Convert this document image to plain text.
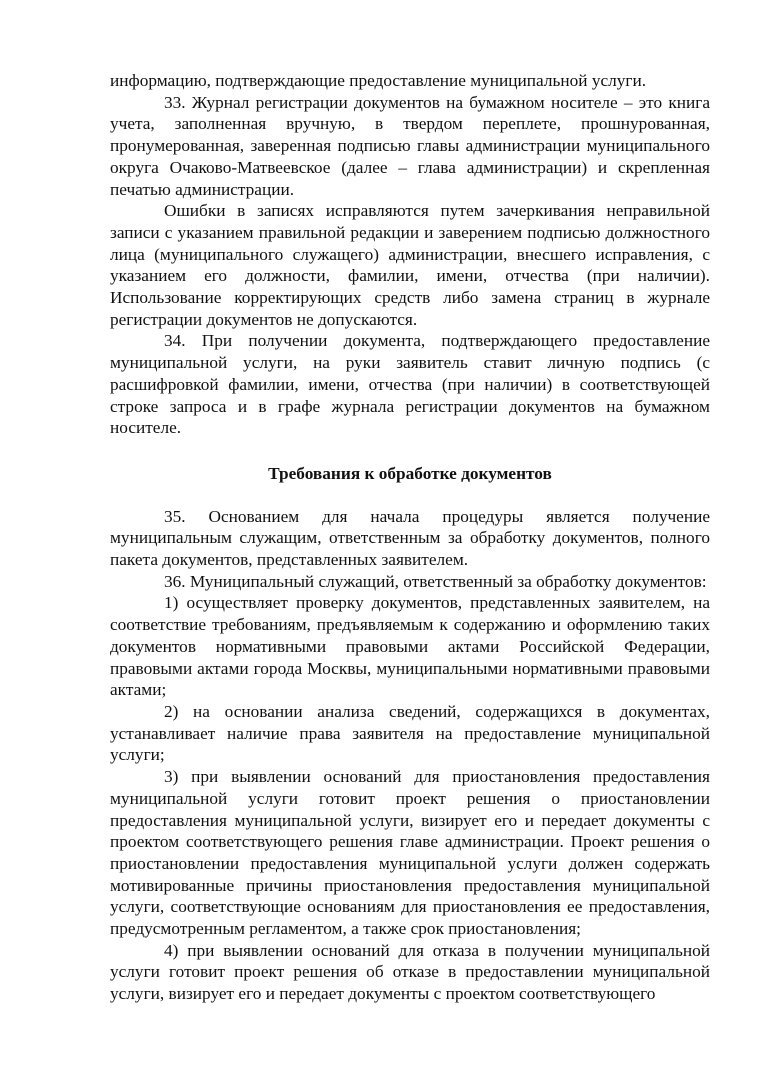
информацию, подтверждающие предоставление муниципальной услуги.

33. Журнал регистрации документов на бумажном носителе – это книга учета, заполненная вручную, в твердом переплете, прошнурованная, пронумерованная, заверенная подписью главы администрации муниципального округа Очаково-Матвеевское (далее – глава администрации) и скрепленная печатью администрации.

Ошибки в записях исправляются путем зачеркивания неправильной записи с указанием правильной редакции и заверением подписью должностного лица (муниципального служащего) администрации, внесшего исправления, с указанием его должности, фамилии, имени, отчества (при наличии). Использование корректирующих средств либо замена страниц в журнале регистрации документов не допускаются.

34. При получении документа, подтверждающего предоставление муниципальной услуги, на руки заявитель ставит личную подпись (с расшифровкой фамилии, имени, отчества (при наличии) в соответствующей строке запроса и в графе журнала регистрации документов на бумажном носителе.

Требования к обработке документов

35. Основанием для начала процедуры является получение муниципальным служащим, ответственным за обработку документов, полного пакета документов, представленных заявителем.

36. Муниципальный служащий, ответственный за обработку документов:

1) осуществляет проверку документов, представленных заявителем, на соответствие требованиям, предъявляемым к содержанию и оформлению таких документов нормативными правовыми актами Российской Федерации, правовыми актами города Москвы, муниципальными нормативными правовыми актами;

2) на основании анализа сведений, содержащихся в документах, устанавливает наличие права заявителя на предоставление муниципальной услуги;

3) при выявлении оснований для приостановления предоставления муниципальной услуги готовит проект решения о приостановлении предоставления муниципальной услуги, визирует его и передает документы с проектом соответствующего решения главе администрации. Проект решения о приостановлении предоставления муниципальной услуги должен содержать мотивированные причины приостановления предоставления муниципальной услуги, соответствующие основаниям для приостановления ее предоставления, предусмотренным регламентом, а также срок приостановления;

4) при выявлении оснований для отказа в получении муниципальной услуги готовит проект решения об отказе в предоставлении муниципальной услуги, визирует его и передает документы с проектом соответствующего
